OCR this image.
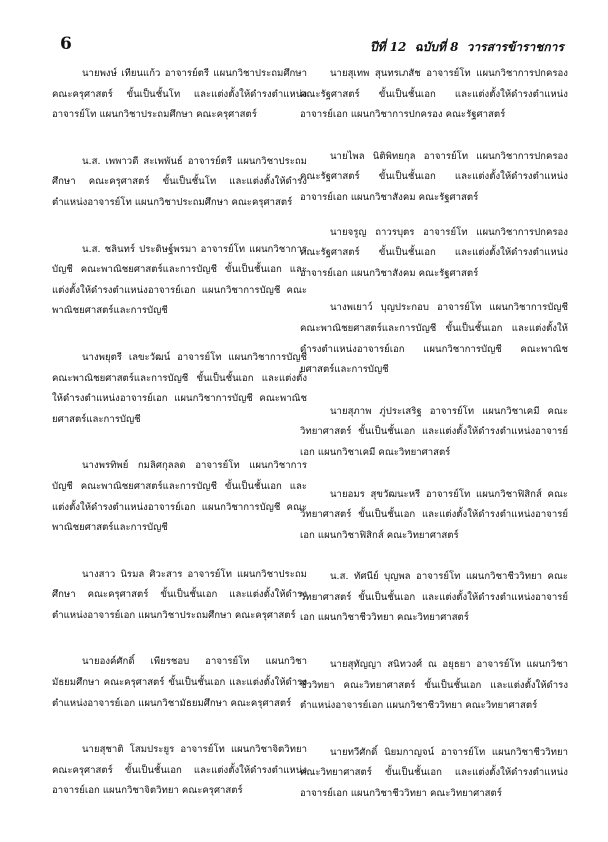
6	ปีที่ 12 ฉบับที่ 8 วารสารข้าราชการ

นายพงษ์ เทียนแก้ว อาจารย์ตรี แผนกวิชาประถมศึกษา คณะครุศาสตร์ ขั้นเป็นชั้นโท และแต่งตั้งให้ดำรงตำแหน่งอาจารย์โท แผนกวิชาประถมศึกษา คณะครุศาสตร์

น.ส. เพพาวดี สะเพพันธ์ อาจารย์ตรี แผนกวิชาประถมศึกษา คณะครุศาสตร์ ขั้นเป็นชั้นโท และแต่งตั้งให้ดำรงตำแหน่งอาจารย์โท แผนกวิชาประถมศึกษา คณะครุศาสตร์

น.ส. ชลินทร์ ประดิษฐ์พรมา อาจารย์โท แผนกวิชาการบัญชี คณะพาณิชยศาสตร์และการบัญชี ขั้นเป็นชั้นเอก และแต่งตั้งให้ดำรงตำแหน่งอาจารย์เอก แผนกวิชาการบัญชี คณะพาณิชยศาสตร์และการบัญชี

นางพยุตรี เลขะวัฒน์ อาจารย์โท แผนกวิชาการบัญชี คณะพาณิชยศาสตร์และการบัญชี ขั้นเป็นชั้นเอก และแต่งตั้งให้ดำรงตำแหน่งอาจารย์เอก แผนกวิชาการบัญชี คณะพาณิชยศาสตร์และการบัญชี

นางพรทิพย์ กมลิศกุลลด อาจารย์โท แผนกวิชาการบัญชี คณะพาณิชยศาสตร์และการบัญชี ขั้นเป็นชั้นเอก และแต่งตั้งให้ดำรงตำแหน่งอาจารย์เอก แผนกวิชาการบัญชี คณะพาณิชยศาสตร์และการบัญชี

นางสาว นิรมล ศิวะสาร อาจารย์โท แผนกวิชาประถมศึกษา คณะครุศาสตร์ ขั้นเป็นชั้นเอก และแต่งตั้งให้ดำรงตำแหน่งอาจารย์เอก แผนกวิชาประถมศึกษา คณะครุศาสตร์

นายองค์ศักดิ์ เพียรชอบ อาจารย์โท แผนกวิชามัธยมศึกษา คณะครุศาสตร์ ขั้นเป็นชั้นเอก และแต่งตั้งให้ดำรงตำแหน่งอาจารย์เอก แผนกวิชามัธยมศึกษา คณะครุศาสตร์

นายสุชาติ โสมประยูร อาจารย์โท แผนกวิชาจิตวิทยา คณะครุศาสตร์ ขั้นเป็นชั้นเอก และแต่งตั้งให้ดำรงตำแหน่งอาจารย์เอก แผนกวิชาจิตวิทยา คณะครุศาสตร์

นายสุเทพ สุนทรเภสัช อาจารย์โท แผนกวิชาการปกครอง คณะรัฐศาสตร์ ขั้นเป็นชั้นเอก และแต่งตั้งให้ดำรงตำแหน่งอาจารย์เอก แผนกวิชาการปกครอง คณะรัฐศาสตร์

นายไพล นิติพิทยกุล อาจารย์โท แผนกวิชาการปกครอง คณะรัฐศาสตร์ ขั้นเป็นชั้นเอก และแต่งตั้งให้ดำรงตำแหน่งอาจารย์เอก แผนกวิชาสังคม คณะรัฐศาสตร์

นายจรูญ ถาวรบุตร อาจารย์โท แผนกวิชาการปกครอง คณะรัฐศาสตร์ ขั้นเป็นชั้นเอก และแต่งตั้งให้ดำรงตำแหน่งอาจารย์เอก แผนกวิชาสังคม คณะรัฐศาสตร์

นางพเยาว์ บุญประกอบ อาจารย์โท แผนกวิชาการบัญชี คณะพาณิชยศาสตร์และการบัญชี ขั้นเป็นชั้นเอก และแต่งตั้งให้ดำรงตำแหน่งอาจารย์เอก แผนกวิชาการบัญชี คณะพาณิชยศาสตร์และการบัญชี

นายสุภาพ ภู่ประเสริฐ อาจารย์โท แผนกวิชาเคมี คณะวิทยาศาสตร์ ขั้นเป็นชั้นเอก และแต่งตั้งให้ดำรงตำแหน่งอาจารย์เอก แผนกวิชาเคมี คณะวิทยาศาสตร์

นายอมร สุขวัฒนะหรี อาจารย์โท แผนกวิชาฟิสิกส์ คณะวิทยาศาสตร์ ขั้นเป็นชั้นเอก และแต่งตั้งให้ดำรงตำแหน่งอาจารย์เอก แผนกวิชาฟิสิกส์ คณะวิทยาศาสตร์

น.ส. ทัศนีย์ บุญพล อาจารย์โท แผนกวิชาชีววิทยา คณะวิทยาศาสตร์ ขั้นเป็นชั้นเอก และแต่งตั้งให้ดำรงตำแหน่งอาจารย์เอก แผนกวิชาชีววิทยา คณะวิทยาศาสตร์

นายสุทัญญา สนิทวงศ์ ณ อยุธยา อาจารย์โท แผนกวิชาชีววิทยา คณะวิทยาศาสตร์ ขั้นเป็นชั้นเอก และแต่งตั้งให้ดำรงตำแหน่งอาจารย์เอก แผนกวิชาชีววิทยา คณะวิทยาศาสตร์

นายทวีศักดิ์ นิยมกาญจน์ อาจารย์โท แผนกวิชาชีววิทยา คณะวิทยาศาสตร์ ขั้นเป็นชั้นเอก และแต่งตั้งให้ดำรงตำแหน่งอาจารย์เอก แผนกวิชาชีววิทยา คณะวิทยาศาสตร์
